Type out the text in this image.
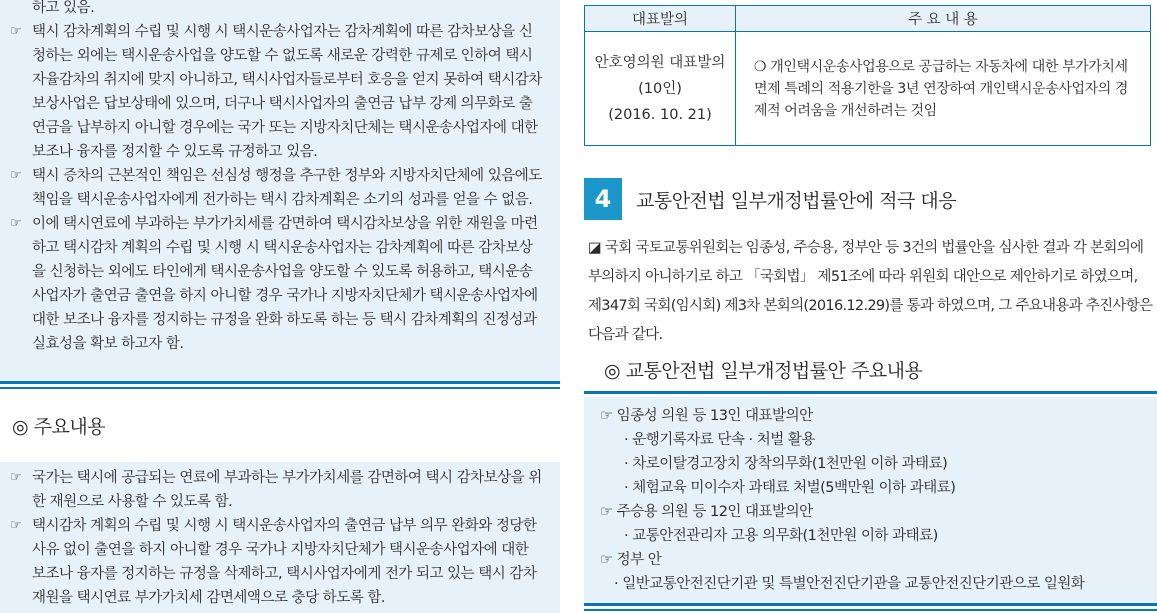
하고 있음.
☞ 택시 감차계획의 수립 및 시행 시 택시운송사업자는 감차계획에 따른 감차보상을 신청하는 외에는 택시운송사업을 양도할 수 없도록 새로운 강력한 규제로 인하여 택시자율감차의 취지에 맞지 아니하고, 택시사업자들로부터 호응을 얻지 못하여 택시감차보상사업은 답보상태에 있으며, 더구나 택시사업자의 출연금 납부 강제 의무화로 출연금을 납부하지 아니할 경우에는 국가 또는 지방자치단체는 택시운송사업자에 대한 보조나 융자를 정지할 수 있도록 규정하고 있음.
☞ 택시 증차의 근본적인 책임은 선심성 행정을 추구한 정부와 지방자치단체에 있음에도 책임을 택시운송사업자에게 전가하는 택시 감차계획은 소기의 성과를 얻을 수 없음.
☞ 이에 택시연료에 부과하는 부가가치세를 감면하여 택시감차보상을 위한 재원을 마련하고 택시감차 계획의 수립 및 시행 시 택시운송사업자는 감차계획에 따른 감차보상을 신청하는 외에도 타인에게 택시운송사업을 양도할 수 있도록 허용하고, 택시운송사업자가 출연금 출연을 하지 아니할 경우 국가나 지방자치단체가 택시운송사업자에 대한 보조나 융자를 정지하는 규정을 완화 하도록 하는 등 택시 감차계획의 진정성과 실효성을 확보 하고자 함.
◎ 주요내용
☞ 국가는 택시에 공급되는 연료에 부과하는 부가가치세를 감면하여 택시 감차보상을 위한 재원으로 사용할 수 있도록 함.
☞ 택시감차 계획의 수립 및 시행 시 택시운송사업자의 출연금 납부 의무 완화와 정당한 사유 없이 출연을 하지 아니할 경우 국가나 지방자치단체가 택시운송사업자에 대한 보조나 융자를 정지하는 규정을 삭제하고, 택시사업자에게 전가 되고 있는 택시 감차 재원을 택시연료 부가가치세 감면세액으로 충당 하도록 함.
대표발의	주 요 내 용

안호영의원 대표발의
(10인)
(2016. 10. 21)	❍ 개인택시운송사업용으로 공급하는 자동차에 대한 부가가치세 면제 특례의 적용기한을 3년 연장하여 개인택시운송사업자의 경제적 어려움을 개선하려는 것임
4	교통안전법 일부개정법률안에 적극 대응
◪ 국회 국토교통위원회는 임종성, 주승용, 정부안 등 3건의 법률안을 심사한 결과 각 본회의에 부의하지 아니하기로 하고 「국회법」 제51조에 따라 위원회 대안으로 제안하기로 하였으며, 제347회 국회(임시회) 제3차 본회의(2016.12.29)를 통과 하였으며, 그 주요내용과 추진사항은 다음과 같다.
◎ 교통안전법 일부개정법률안 주요내용
☞ 임종성 의원 등 13인 대표발의안
· 운행기록자료 단속 · 처벌 활용
· 차로이탈경고장치 장착의무화(1천만원 이하 과태료)
· 체험교육 미이수자 과태료 처벌(5백만원 이하 과태료)
☞ 주승용 의원 등 12인 대표발의안
· 교통안전관리자 고용 의무화(1천만원 이하 과태료)
☞ 정부 안
· 일반교통안전진단기관 및 특별안전진단기관을 교통안전진단기관으로 일원화
